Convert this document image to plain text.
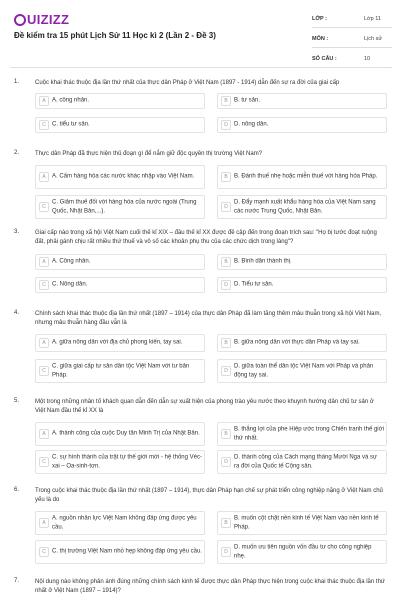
UIZIZZ
Đề kiểm tra 15 phút Lịch Sử 11 Học kì 2 (Lần 2 - Đề 3)
LỚP :	Lớp 11
MÔN :	Lịch sử
SỐ CÂU :	10
1.	Cuộc khai thác thuộc địa lần thứ nhất của thực dân Pháp ở Việt Nam (1897 - 1914) dẫn đến sự ra đời của giai cấp
A	A. công nhân.	B	B. tư sản.
C	C. tiểu tư sản.	D	D. nông dân.
2.	Thực dân Pháp đã thực hiện thủ đoạn gì để nắm giữ độc quyền thị trường Việt Nam?
A	A. Cấm hàng hóa các nước khác nhập vào Việt Nam.	B	B. Đánh thuế nhẹ hoặc miễn thuế với hàng hóa Pháp.
C
C. Giảm thuế đối với hàng hóa của nước ngoài (Trung Quốc, Nhật Bản,...).
D
D. Đẩy mạnh xuất khẩu hàng hóa của Việt Nam sang các nước Trung Quốc, Nhật Bản.
3.	Giai cấp nào trong xã hội Việt Nam cuối thế kỉ XIX – đầu thế kỉ XX được đề cập đến trong đoạn trích sau: "Họ bị tước đoạt ruộng đất, phải gánh chịu rất nhiều thứ thuế và vô số các khoản phụ thu của các chức dịch trong làng"?
A	A. Công nhân.	B	B. Bình dân thành thị.
C	C. Nông dân.	D	D. Tiểu tư sản.
4.	Chính sách khai thác thuộc địa lần thứ nhất (1897 – 1914) của thực dân Pháp đã làm tăng thêm mâu thuẫn trong xã hội Việt Nam, nhưng mâu thuẫn hàng đầu vẫn là
A	A. giữa nông dân với địa chủ phong kiến, tay sai.	B	B. giữa nông dân với thực dân Pháp và tay sai.
C
C. giữa giai cấp tư sản dân tộc Việt Nam với tư bản Pháp.
D
D. giữa toàn thể dân tộc Việt Nam với Pháp và phản động tay sai.
5.	Một trong những nhân tố khách quan dẫn đến dẫn sự xuất hiện của phong trào yêu nước theo khuynh hướng dân chủ tư sản ở Việt Nam đầu thế kỉ XX là
A	A. thành công của cuộc Duy tân Minh Trị của Nhật Bản.	B
B. thắng lợi của phe Hiệp ước trong Chiến tranh thế giới thứ nhất.
C
C. sự hình thành của trật tự thế giới mới - hệ thống Véc-xai – Oa-sinh-tơn.
D
D. thành công của Cách mạng tháng Mười Nga và sự ra đời của Quốc tế Cộng sản.
6.	Trong cuộc khai thác thuộc địa lần thứ nhất (1897 – 1914), thực dân Pháp hạn chế sự phát triển công nghiệp nặng ở Việt Nam chủ yếu là do
A
A. nguồn nhân lực Việt Nam không đáp ứng được yêu cầu.
B
B. muốn cột chặt nền kinh tế Việt Nam vào nền kinh tế Pháp.
C	C. thị trường Việt Nam nhỏ hẹp không đáp ứng yêu cầu.	D
D. muốn ưu tiên nguồn vốn đầu tư cho công nghiệp nhẹ.
7.	Nội dung nào không phản ánh đúng những chính sách kinh tế được thực dân Pháp thực hiện trong cuộc khai thác thuộc địa lần thứ nhất ở Việt Nam (1897 – 1914)?
